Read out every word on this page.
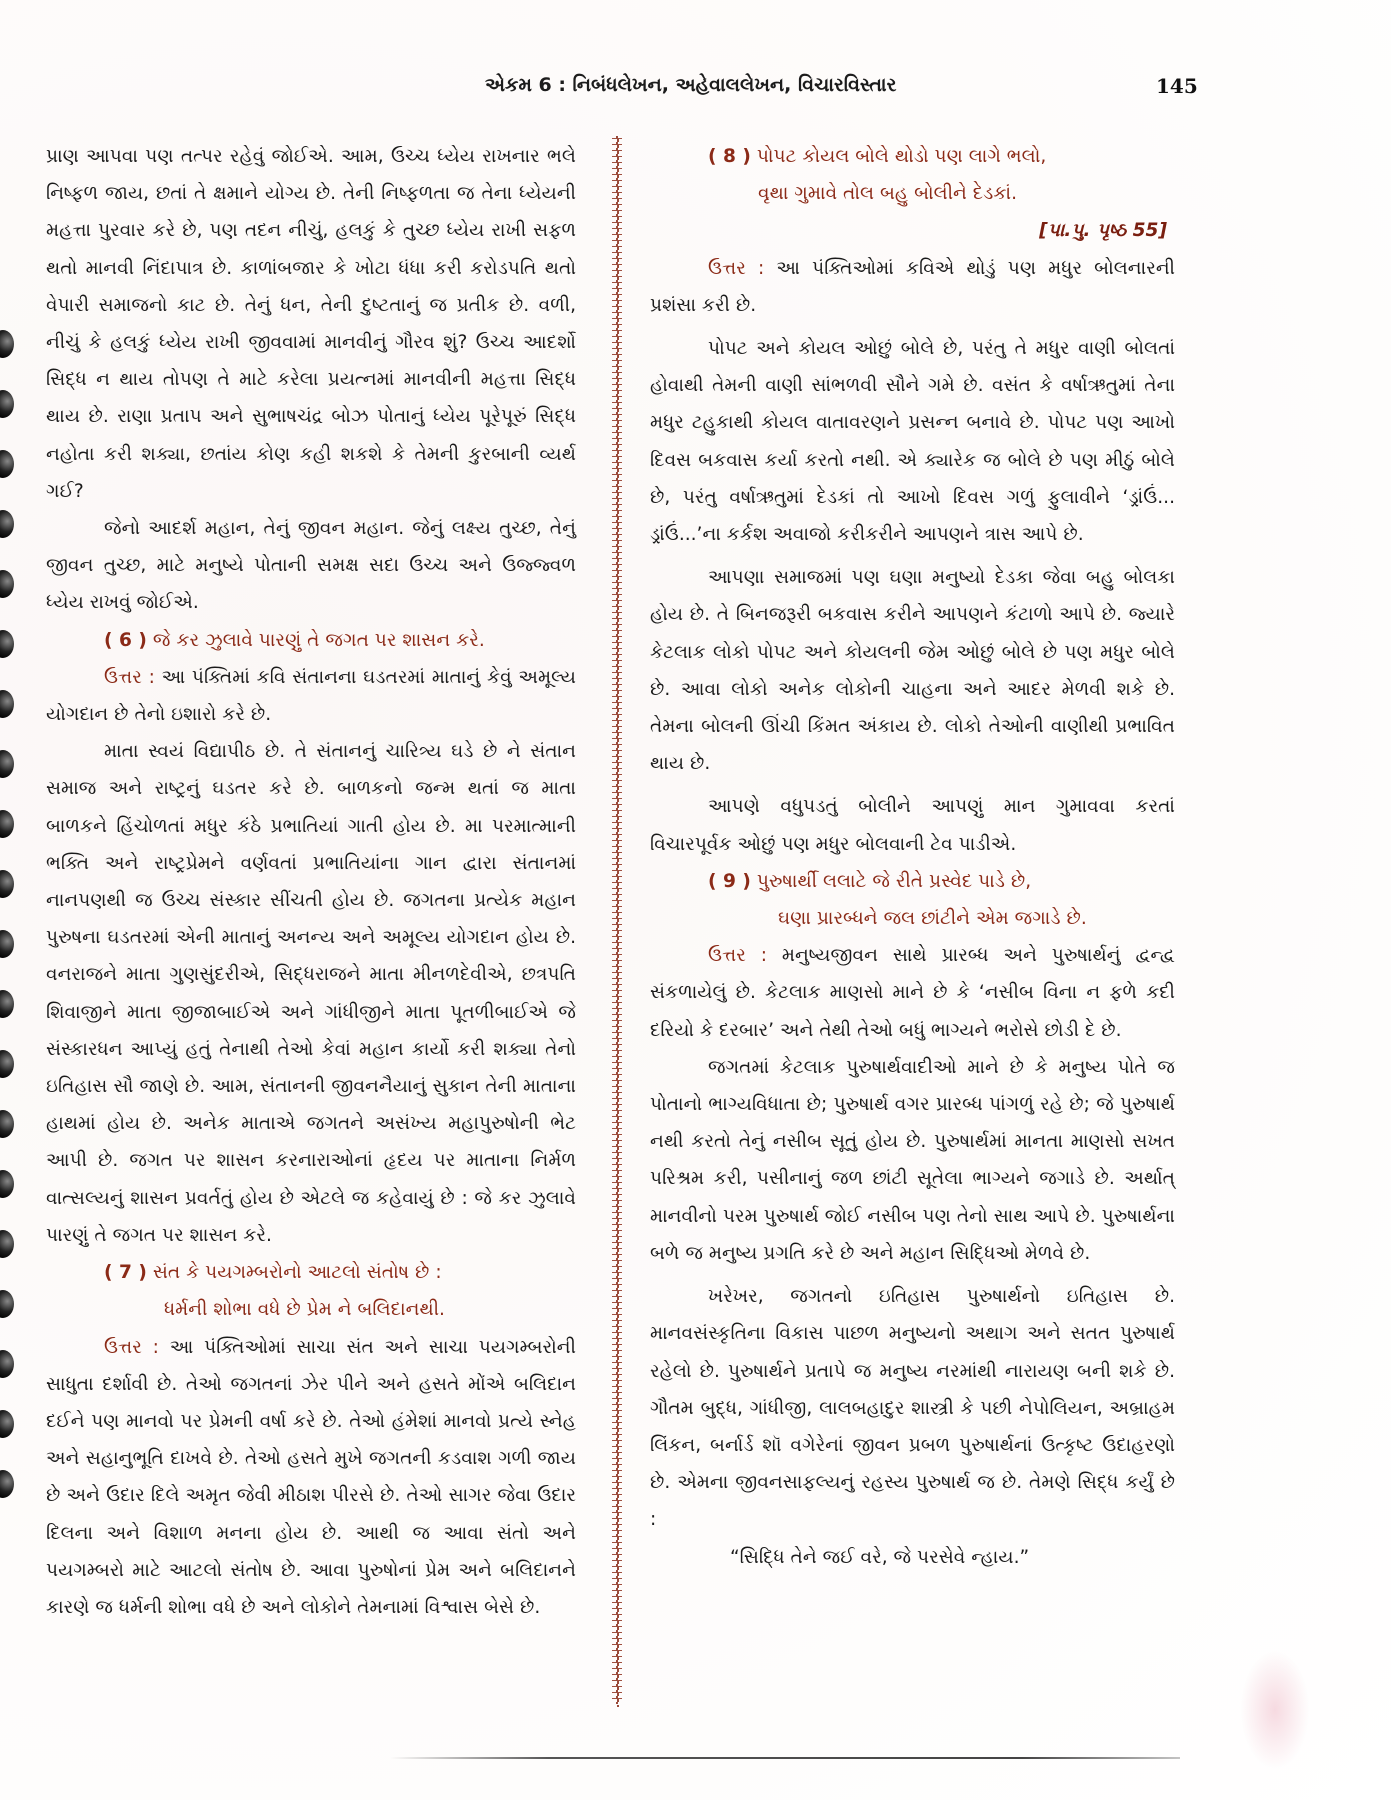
એકમ 6 : નિબંધલેખન, અહેવાલલેખન, વિચારવિસ્તાર	145

પ્રાણ આપવા પણ તત્પર રહેવું જોઈએ. આમ, ઉચ્ચ ધ્યેય રાખનાર ભલે નિષ્ફળ જાય, છતાં તે ક્ષમાને યોગ્ય છે. તેની નિષ્ફળતા જ તેના ધ્યેયની મહત્તા પુરવાર કરે છે, પણ તદન નીચું, હલકું કે તુચ્છ ધ્યેય રાખી સફળ થતો માનવી નિંદાપાત્ર છે. કાળાંબજાર કે ખોટા ધંધા કરી કરોડપતિ થતો વેપારી સમાજનો કાટ છે. તેનું ધન, તેની દુષ્ટતાનું જ પ્રતીક છે. વળી, નીચું કે હલકું ધ્યેય રાખી જીવવામાં માનવીનું ગૌરવ શું? ઉચ્ચ આદર્શો સિદ્ધ ન થાય તોપણ તે માટે કરેલા પ્રયત્નમાં માનવીની મહત્તા સિદ્ધ થાય છે. રાણા પ્રતાપ અને સુભાષચંદ્ર બોઝ પોતાનું ધ્યેય પૂરેપૂરું સિદ્ધ નહોતા કરી શક્યા, છતાંય કોણ કહી શકશે કે તેમની કુરબાની વ્યર્થ ગઈ?

જેનો આદર્શ મહાન, તેનું જીવન મહાન. જેનું લક્ષ્ય તુચ્છ, તેનું જીવન તુચ્છ, માટે મનુષ્યે પોતાની સમક્ષ સદા ઉચ્ચ અને ઉજ્જ્વળ ધ્યેય રાખવું જોઈએ.

( 6 ) જે કર ઝુલાવે પારણું તે જગત પર શાસન કરે.

ઉત્તર : આ પંક્તિમાં કવિ સંતાનના ઘડતરમાં માતાનું કેવું અમૂલ્ય યોગદાન છે તેનો ઇશારો કરે છે.

માતા સ્વયં વિદ્યાપીઠ છે. તે સંતાનનું ચારિત્ર્ય ઘડે છે ને સંતાન સમાજ અને રાષ્ટ્રનું ઘડતર કરે છે. બાળકનો જન્મ થતાં જ માતા બાળકને હિંચોળતાં મધુર કંઠે પ્રભાતિયાં ગાતી હોય છે. મા પરમાત્માની ભક્તિ અને રાષ્ટ્રપ્રેમને વર્ણવતાં પ્રભાતિયાંના ગાન દ્વારા સંતાનમાં નાનપણથી જ ઉચ્ચ સંસ્કાર સીંચતી હોય છે. જગતના પ્રત્યેક મહાન પુરુષના ઘડતરમાં એની માતાનું અનન્ય અને અમૂલ્ય યોગદાન હોય છે. વનરાજને માતા ગુણસુંદરીએ, સિદ્ધરાજને માતા મીનળદેવીએ, છત્રપતિ શિવાજીને માતા જીજાબાઈએ અને ગાંધીજીને માતા પૂતળીબાઈએ જે સંસ્કારધન આપ્યું હતું તેનાથી તેઓ કેવાં મહાન કાર્યો કરી શક્યા તેનો ઇતિહાસ સૌ જાણે છે. આમ, સંતાનની જીવનનૈયાનું સુકાન તેની માતાના હાથમાં હોય છે. અનેક માતાએ જગતને અસંખ્ય મહાપુરુષોની ભેટ આપી છે. જગત પર શાસન કરનારાઓનાં હૃદય પર માતાના નિર્મળ વાત્સલ્યનું શાસન પ્રવર્તતું હોય છે એટલે જ કહેવાયું છે : જે કર ઝુલાવે પારણું તે જગત પર શાસન કરે.

( 7 ) સંત કે પયગમ્બરોનો આટલો સંતોષ છે :

ધર્મની શોભા વધે છે પ્રેમ ને બલિદાનથી.

ઉત્તર : આ પંક્તિઓમાં સાચા સંત અને સાચા પયગમ્બરોની સાધુતા દર્શાવી છે. તેઓ જગતનાં ઝેર પીને અને હસતે મોંએ બલિદાન દઈને પણ માનવો પર પ્રેમની વર્ષા કરે છે. તેઓ હંમેશાં માનવો પ્રત્યે સ્નેહ અને સહાનુભૂતિ દાખવે છે. તેઓ હસતે મુખે જગતની કડવાશ ગળી જાય છે અને ઉદાર દિલે અમૃત જેવી મીઠાશ પીરસે છે. તેઓ સાગર જેવા ઉદાર દિલના અને વિશાળ મનના હોય છે. આથી જ આવા સંતો અને પયગમ્બરો માટે આટલો સંતોષ છે. આવા પુરુષોનાં પ્રેમ અને બલિદાનને કારણે જ ધર્મની શોભા વધે છે અને લોકોને તેમનામાં વિશ્વાસ બેસે છે.

( 8 ) પોપટ કોયલ બોલે થોડો પણ લાગે ભલો,

વૃથા ગુમાવે તોલ બહુ બોલીને દેડકાં.

[પા.પુ. પૃષ્ઠ 55]

ઉત્તર : આ પંક્તિઓમાં કવિએ થોડું પણ મધુર બોલનારની પ્રશંસા કરી છે.

પોપટ અને કોયલ ઓછું બોલે છે, પરંતુ તે મધુર વાણી બોલતાં હોવાથી તેમની વાણી સાંભળવી સૌને ગમે છે. વસંત કે વર્ષાઋતુમાં તેના મધુર ટહુકાથી કોયલ વાતાવરણને પ્રસન્ન બનાવે છે. પોપટ પણ આખો દિવસ બકવાસ કર્યા કરતો નથી. એ ક્યારેક જ બોલે છે પણ મીઠું બોલે છે, પરંતુ વર્ષાઋતુમાં દેડકાં તો આખો દિવસ ગળું ફુલાવીને ‘ડ્રાંઉં... ડ્રાંઉં...’ના કર્કશ અવાજો કરીકરીને આપણને ત્રાસ આપે છે.

આપણા સમાજમાં પણ ઘણા મનુષ્યો દેડકા જેવા બહુ બોલકા હોય છે. તે બિનજરૂરી બકવાસ કરીને આપણને કંટાળો આપે છે. જ્યારે કેટલાક લોકો પોપટ અને કોયલની જેમ ઓછું બોલે છે પણ મધુર બોલે છે. આવા લોકો અનેક લોકોની ચાહના અને આદર મેળવી શકે છે. તેમના બોલની ઊંચી કિંમત અંકાય છે. લોકો તેઓની વાણીથી પ્રભાવિત થાય છે.

આપણે વધુપડતું બોલીને આપણું માન ગુમાવવા કરતાં વિચારપૂર્વક ઓછું પણ મધુર બોલવાની ટેવ પાડીએ.

( 9 ) પુરુષાર્થી લલાટે જે રીતે પ્રસ્વેદ પાડે છે,

ઘણા પ્રારબ્ધને જલ છાંટીને એમ જગાડે છે.

ઉત્તર : મનુષ્યજીવન સાથે પ્રારબ્ધ અને પુરુષાર્થનું દ્વન્દ્વ સંકળાયેલું છે. કેટલાક માણસો માને છે કે ‘નસીબ વિના ન ફળે કદી દરિયો કે દરબાર’ અને તેથી તેઓ બધું ભાગ્યને ભરોસે છોડી દે છે.

જગતમાં કેટલાક પુરુષાર્થવાદીઓ માને છે કે મનુષ્ય પોતે જ પોતાનો ભાગ્યવિધાતા છે; પુરુષાર્થ વગર પ્રારબ્ધ પાંગળું રહે છે; જે પુરુષાર્થ નથી કરતો તેનું નસીબ સૂતું હોય છે. પુરુષાર્થમાં માનતા માણસો સખત પરિશ્રમ કરી, પસીનાનું જળ છાંટી સૂતેલા ભાગ્યને જગાડે છે. અર્થાત્ માનવીનો પરમ પુરુષાર્થ જોઈ નસીબ પણ તેનો સાથ આપે છે. પુરુષાર્થના બળે જ મનુષ્ય પ્રગતિ કરે છે અને મહાન સિદ્ધિઓ મેળવે છે.

ખરેખર, જગતનો ઇતિહાસ પુરુષાર્થનો ઇતિહાસ છે. માનવસંસ્કૃતિના વિકાસ પાછળ મનુષ્યનો અથાગ અને સતત પુરુષાર્થ રહેલો છે. પુરુષાર્થને પ્રતાપે જ મનુષ્ય નરમાંથી નારાયણ બની શકે છે. ગૌતમ બુદ્ધ, ગાંધીજી, લાલબહાદુર શાસ્ત્રી કે પછી નેપોલિયન, અબ્રાહમ લિંકન, બર્નાર્ડ શૉ વગેરેનાં જીવન પ્રબળ પુરુષાર્થનાં ઉત્કૃષ્ટ ઉદાહરણો છે. એમના જીવનસાફલ્યનું રહસ્ય પુરુષાર્થ જ છે. તેમણે સિદ્ધ કર્યું છે :

“સિદ્ધિ તેને જઈ વરે, જે પરસેવે ન્હાય.”
